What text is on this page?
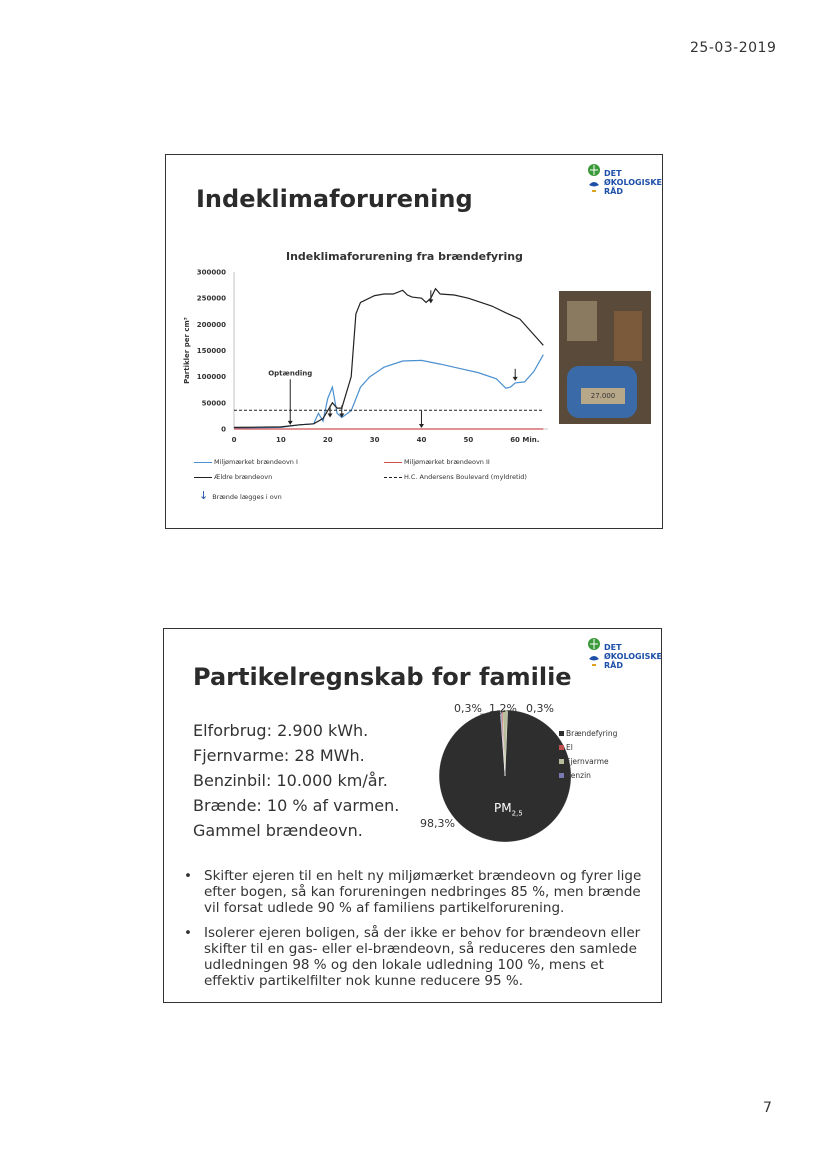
25-03-2019
DET
ØKOLOGISKE
RÅD
Indeklimaforurening
Indeklimaforurening fra brændefyring
300000
250000
200000
150000
100000
50000
0
0	10	20	30	40	50	60 Min.
Partikler per cm³	Optænding
Miljømærket brændeovn I	Miljømærket brændeovn II
Ældre brændeovn	H.C. Andersens Boulevard (myldretid)
↓ Brænde lægges i ovn
27.000
DET
ØKOLOGISKE
RÅD
Partikelregnskab for familie
Elforbrug: 2.900 kWh.
Fjernvarme: 28 MWh.
Benzinbil: 10.000 km/år.
Brænde: 10 % af varmen.
Gammel brændeovn.
$PM_{2,5}$
0,3% 1,2% 0,3%
98,3%
Brændefyring
El
Fjernvarme
benzin
• Skifter ejeren til en helt ny miljømærket brændeovn og fyrer lige efter bogen, så kan forureningen nedbringes 85 %, men brænde vil forsat udlede 90 % af familiens partikelforurening.
• Isolerer ejeren boligen, så der ikke er behov for brændeovn eller skifter til en gas- eller el-brændeovn, så reduceres den samlede udledningen 98 % og den lokale udledning 100 %, mens et effektiv partikelfilter nok kunne reducere 95 %.
7
